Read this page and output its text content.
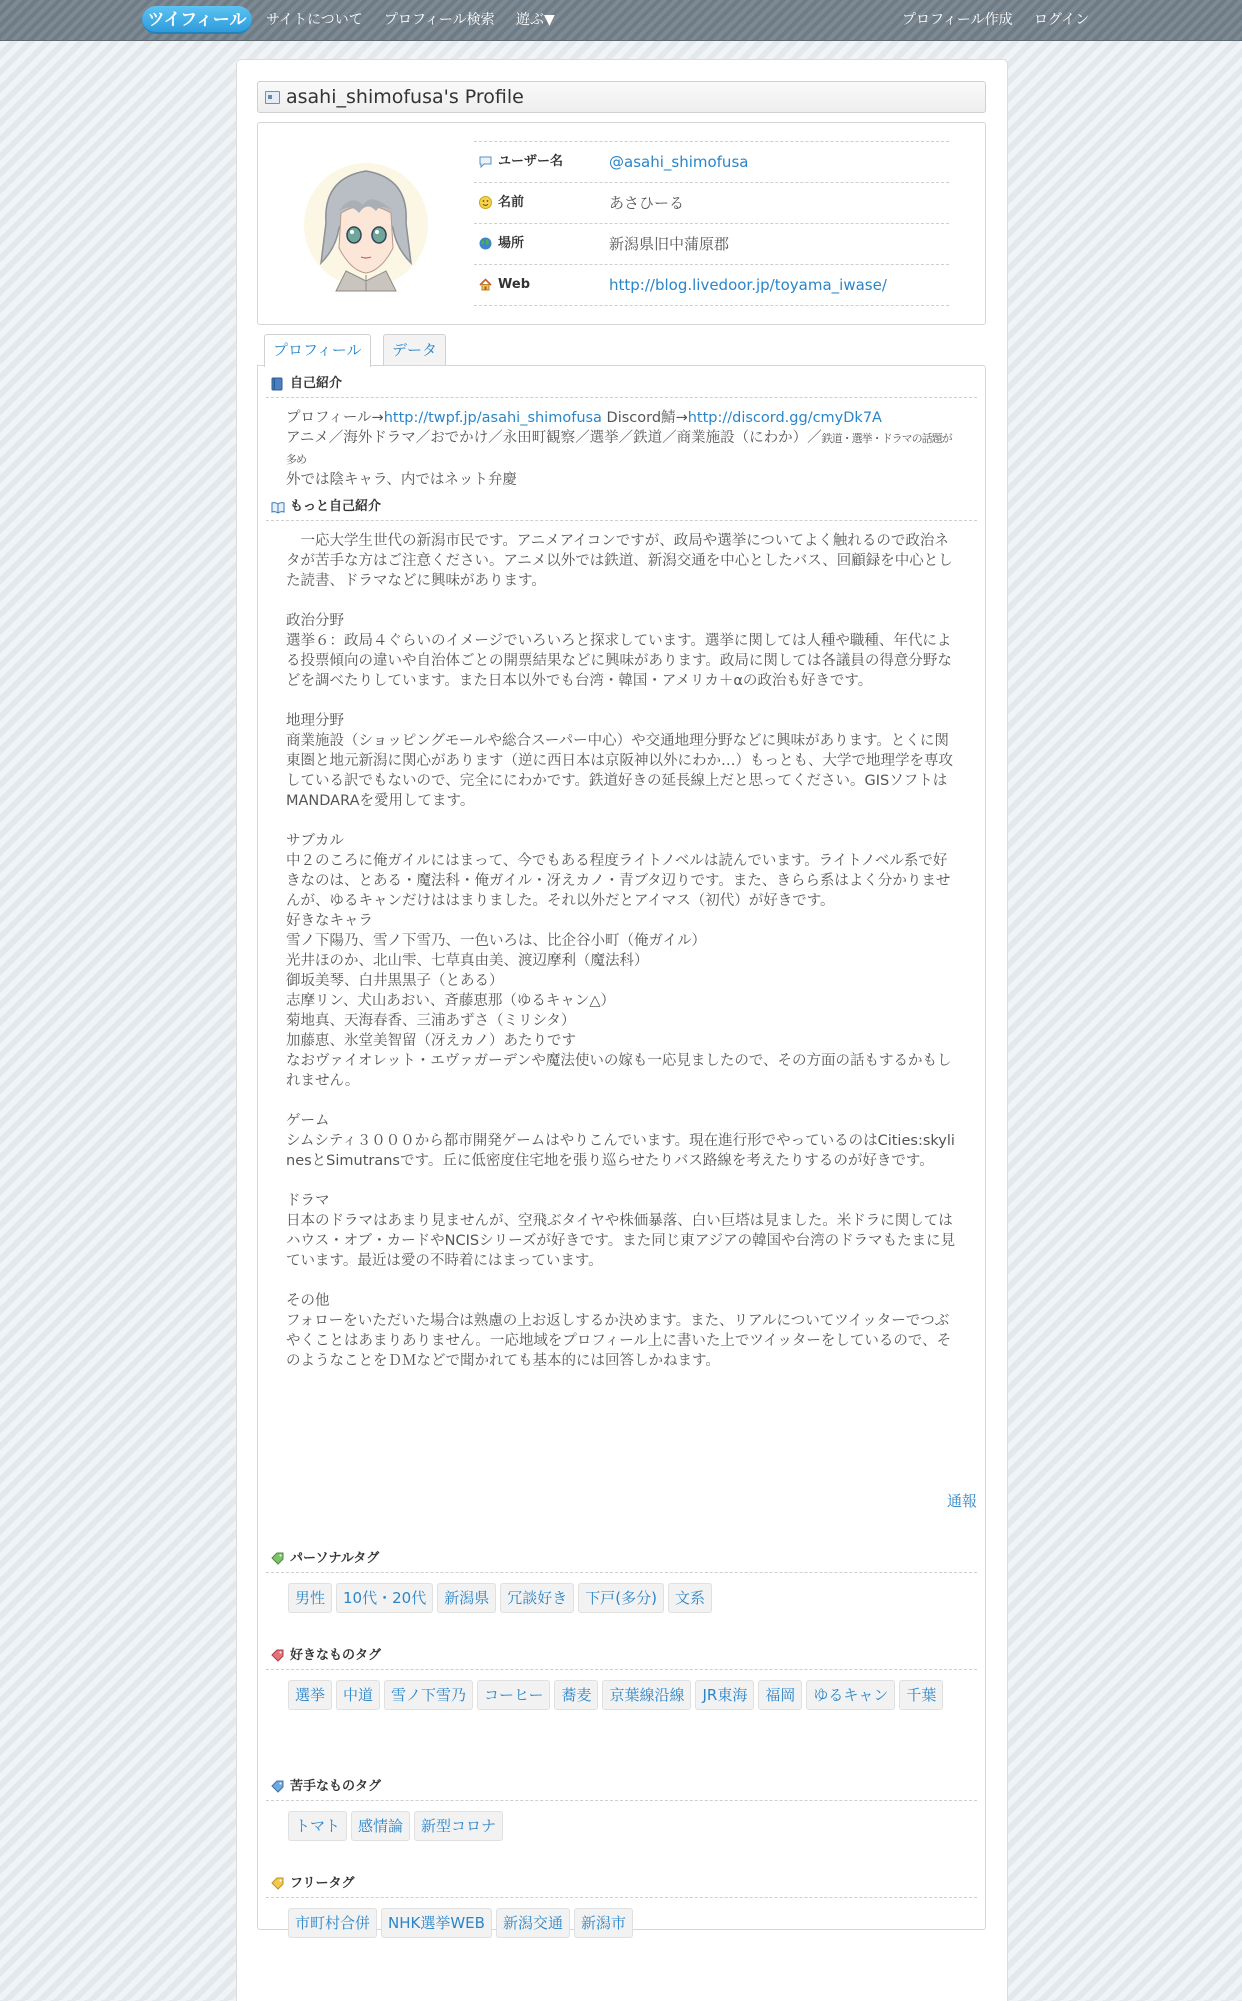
ツイフィール	サイトについて プロフィール検索 遊ぶ▼	プロフィール作成 ログイン
asahi_shimofusa's Profile
ユーザー名	@asahi_shimofusa
名前	あさひーる
場所	新潟県旧中蒲原郡
Web	http://blog.livedoor.jp/toyama_iwase/
プロフィール	データ
自己紹介
プロフィール→http://twpf.jp/asahi_shimofusa Discord鯖→http://discord.gg/cmyDk7A
アニメ／海外ドラマ／おでかけ／永田町観察／選挙／鉄道／商業施設（にわか）／鉄道・選挙・ドラマの話題が多め
外では陰キャラ、内ではネット弁慶
もっと自己紹介
　一応大学生世代の新潟市民です。アニメアイコンですが、政局や選挙についてよく触れるので政治ネタが苦手な方はご注意ください。アニメ以外では鉄道、新潟交通を中心としたバス、回顧録を中心とした読書、ドラマなどに興味があります。

政治分野
選挙６：政局４ぐらいのイメージでいろいろと探求しています。選挙に関しては人種や職種、年代による投票傾向の違いや自治体ごとの開票結果などに興味があります。政局に関しては各議員の得意分野などを調べたりしています。また日本以外でも台湾・韓国・アメリカ＋αの政治も好きです。

地理分野
商業施設（ショッピングモールや総合スーパー中心）や交通地理分野などに興味があります。とくに関東圏と地元新潟に関心があります（逆に西日本は京阪神以外にわか…）もっとも、大学で地理学を専攻している訳でもないので、完全ににわかです。鉄道好きの延長線上だと思ってください。GISソフトはMANDARAを愛用してます。

サブカル
中２のころに俺ガイルにはまって、今でもある程度ライトノベルは読んでいます。ライトノベル系で好きなのは、とある・魔法科・俺ガイル・冴えカノ・青ブタ辺りです。また、きらら系はよく分かりませんが、ゆるキャンだけははまりました。それ以外だとアイマス（初代）が好きです。
好きなキャラ
雪ノ下陽乃、雪ノ下雪乃、一色いろは、比企谷小町（俺ガイル）
光井ほのか、北山雫、七草真由美、渡辺摩利（魔法科）
御坂美琴、白井黒黒子（とある）
志摩リン、犬山あおい、斉藤恵那（ゆるキャン△）
菊地真、天海春香、三浦あずさ（ミリシタ）
加藤恵、氷堂美智留（冴えカノ）あたりです
なおヴァイオレット・エヴァガーデンや魔法使いの嫁も一応見ましたので、その方面の話もするかもしれません。

ゲーム
シムシティ３０００から都市開発ゲームはやりこんでいます。現在進行形でやっているのはCities:skylinesとSimutransです。丘に低密度住宅地を張り巡らせたりバス路線を考えたりするのが好きです。

ドラマ
日本のドラマはあまり見ませんが、空飛ぶタイヤや株価暴落、白い巨塔は見ました。米ドラに関してはハウス・オブ・カードやNCISシリーズが好きです。また同じ東アジアの韓国や台湾のドラマもたまに見ています。最近は愛の不時着にはまっています。

その他
フォローをいただいた場合は熟慮の上お返しするか決めます。また、リアルについてツイッターでつぶやくことはあまりありません。一応地域をプロフィール上に書いた上でツイッターをしているので、そのようなことをＤＭなどで聞かれても基本的には回答しかねます。
通報
パーソナルタグ
男性 10代・20代 新潟県 冗談好き 下戸(多分) 文系
好きなものタグ
選挙 中道 雪ノ下雪乃 コーヒー 蕎麦 京葉線沿線 JR東海 福岡 ゆるキャン 千葉
苦手なものタグ
トマト 感情論 新型コロナ
フリータグ
市町村合併 NHK選挙WEB 新潟交通 新潟市
